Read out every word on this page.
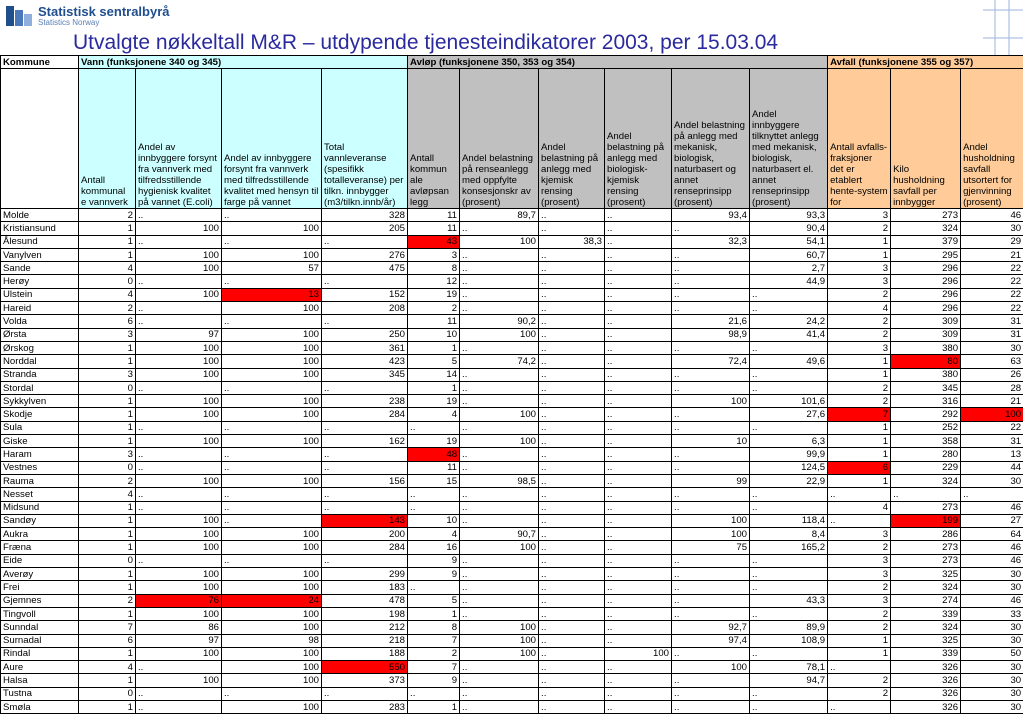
Statistisk sentralbyrå
Statistics Norway
Utvalgte nøkkeltall M&R – utdypende tjenesteindikatorer 2003, per 15.03.04
Kommune	Vann (funksjonene 340 og 345)				Avløp (funksjonene 350, 353 og 354)						Avfall (funksjonene 355 og 357)		
	Antall kommunal e vannverk	Andel av innbyggere forsynt fra vannverk med tilfredsstillende hygienisk kvalitet på vannet (E.coli)	Andel av innbyggere forsynt fra vannverk med tilfredsstillende kvalitet med hensyn til farge på vannet	Total vannleveranse (spesifikk totalleveranse) per tilkn. innbygger (m3/tilkn.innb/år)	Antall kommun ale avløpsan legg	Andel belastning på renseanlegg med oppfylte konsesjonskr av (prosent)	Andel belastning på anlegg med kjemisk rensing (prosent)	Andel belastning på anlegg med biologisk-kjemisk rensing (prosent)	Andel belastning på anlegg med mekanisk, biologisk, naturbasert og annet renseprinsipp (prosent)	Andel innbyggere tilknyttet anlegg med mekanisk, biologisk, naturbasert el. annet renseprinsipp (prosent)	Antall avfalls-fraksjoner det er etablert hente-system for	Kilo husholdning savfall per innbygger	Andel husholdning savfall utsortert for gjenvinning (prosent)
Molde	2	..	..	328	11	89,7	..	..	93,4	93,3	3	273	46
Kristiansund	1	100	100	205	11	..	..	..	..	90,4	2	324	30
Ålesund	1	..	..	..	43	100	38,3	..	32,3	54,1	1	379	29
Vanylven	1	100	100	276	3	..	..	..	..	60,7	1	295	21
Sande	4	100	57	475	8	..	..	..	..	2,7	3	296	22
Herøy	0	..	..	..	12	..	..	..	..	44,9	3	296	22
Ulstein	4	100	13	152	19	..	..	..	..	..	2	296	22
Hareid	2	..	100	208	2	..	..	..	..	..	4	296	22
Volda	6	..	..	..	11	90,2	..	..	21,6	24,2	2	309	31
Ørsta	3	97	100	250	10	100	..	..	98,9	41,4	2	309	31
Ørskog	1	100	100	361	1	..	..	..	..	..	3	380	30
Norddal	1	100	100	423	5	74,2	..	..	72,4	49,6	1	80	63
Stranda	3	100	100	345	14	..	..	..	..	..	1	380	26
Stordal	0	..	..	..	1	..	..	..	..	..	2	345	28
Sykkylven	1	100	100	238	19	..	..	..	100	101,6	2	316	21
Skodje	1	100	100	284	4	100	..	..	..	27,6	7	292	100
Sula	1	..	..	..	..	..	..	..	..	..	1	252	22
Giske	1	100	100	162	19	100	..	..	10	6,3	1	358	31
Haram	3	..	..	..	48	..	..	..	..	99,9	1	280	13
Vestnes	0	..	..	..	11	..	..	..	..	124,5	6	229	44
Rauma	2	100	100	156	15	98,5	..	..	99	22,9	1	324	30
Nesset	4	..	..	..	..	..	..	..	..	..	..	..	..
Midsund	1	..	..	..	..	..	..	..	..	..	4	273	46
Sandøy	1	100	..	143	10	..	..	..	100	118,4	..	199	27
Aukra	1	100	100	200	4	90,7	..	..	100	8,4	3	286	64
Fræna	1	100	100	284	16	100	..	..	75	165,2	2	273	46
Eide	0	..	..	..	9	..	..	..	..	..	3	273	46
Averøy	1	100	100	299	9	..	..	..	..	..	3	325	30
Frei	1	100	100	183	..	..	..	..	..	..	2	324	30
Gjemnes	2	76	24	478	5	..	..	..	..	43,3	3	274	46
Tingvoll	1	100	100	198	1	..	..	..	..	..	2	339	33
Sunndal	7	86	100	212	8	100	..	..	92,7	89,9	2	324	30
Surnadal	6	97	98	218	7	100	..	..	97,4	108,9	1	325	30
Rindal	1	100	100	188	2	100	..	100	..	..	1	339	50
Aure	4	..	100	550	7	..	..	..	100	78,1	..	326	30
Halsa	1	100	100	373	9	..	..	..	..	94,7	2	326	30
Tustna	0	..	..	..	..	..	..	..	..	..	2	326	30
Smøla	1	..	100	283	1	..	..	..	..	..	..	326	30
